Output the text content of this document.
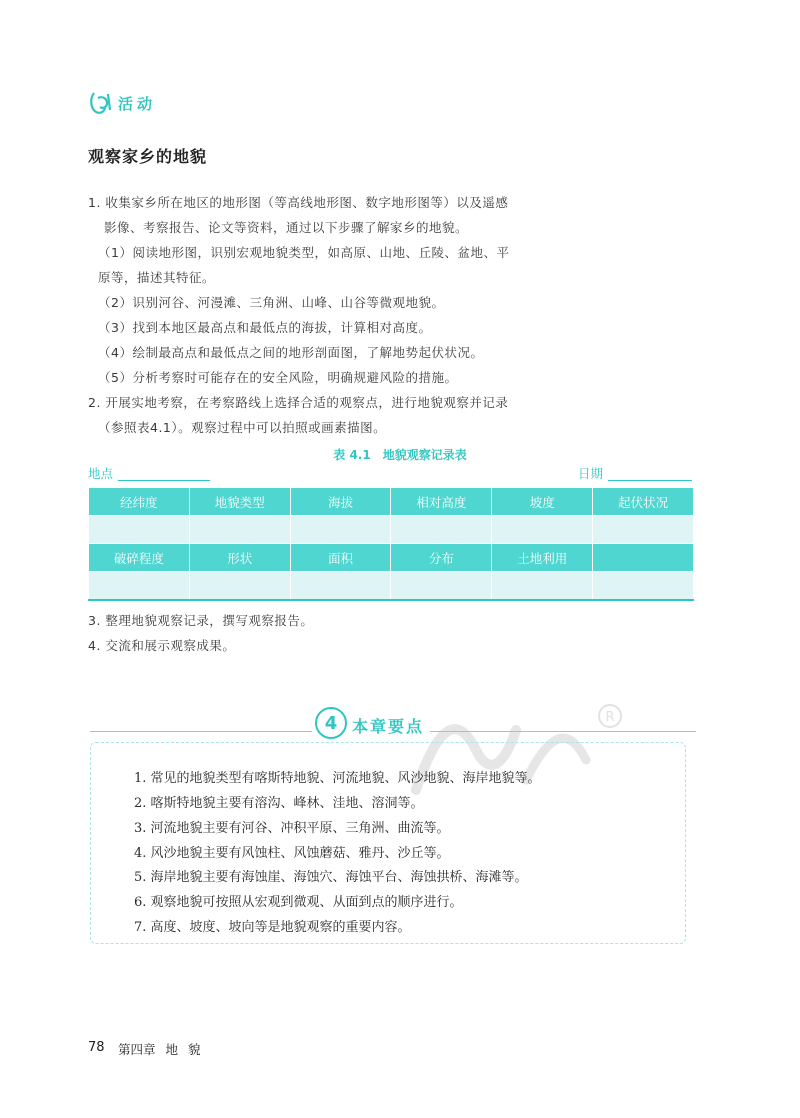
活动
观察家乡的地貌
1. 收集家乡所在地区的地形图（等高线地形图、数字地形图等）以及遥感
影像、考察报告、论文等资料，通过以下步骤了解家乡的地貌。
（1）阅读地形图，识别宏观地貌类型，如高原、山地、丘陵、盆地、平
原等，描述其特征。
（2）识别河谷、河漫滩、三角洲、山峰、山谷等微观地貌。
（3）找到本地区最高点和最低点的海拔，计算相对高度。
（4）绘制最高点和最低点之间的地形剖面图，了解地势起伏状况。
（5）分析考察时可能存在的安全风险，明确规避风险的措施。
2. 开展实地考察，在考察路线上选择合适的观察点，进行地貌观察并记录
（参照表4.1）。观察过程中可以拍照或画素描图。
表 4.1　地貌观察记录表
地点	日期
经纬度	地貌类型	海拔	相对高度	坡度	起伏状况

破碎程度	形状	面积	分布	土地利用	

3. 整理地貌观察记录，撰写观察报告。
4. 交流和展示观察成果。
R
4 本章要点
1. 常见的地貌类型有喀斯特地貌、河流地貌、风沙地貌、海岸地貌等。
2. 喀斯特地貌主要有溶沟、峰林、洼地、溶洞等。
3. 河流地貌主要有河谷、冲积平原、三角洲、曲流等。
4. 风沙地貌主要有风蚀柱、风蚀蘑菇、雅丹、沙丘等。
5. 海岸地貌主要有海蚀崖、海蚀穴、海蚀平台、海蚀拱桥、海滩等。
6. 观察地貌可按照从宏观到微观、从面到点的顺序进行。
7. 高度、坡度、坡向等是地貌观察的重要内容。
78 第四章 地 貌
